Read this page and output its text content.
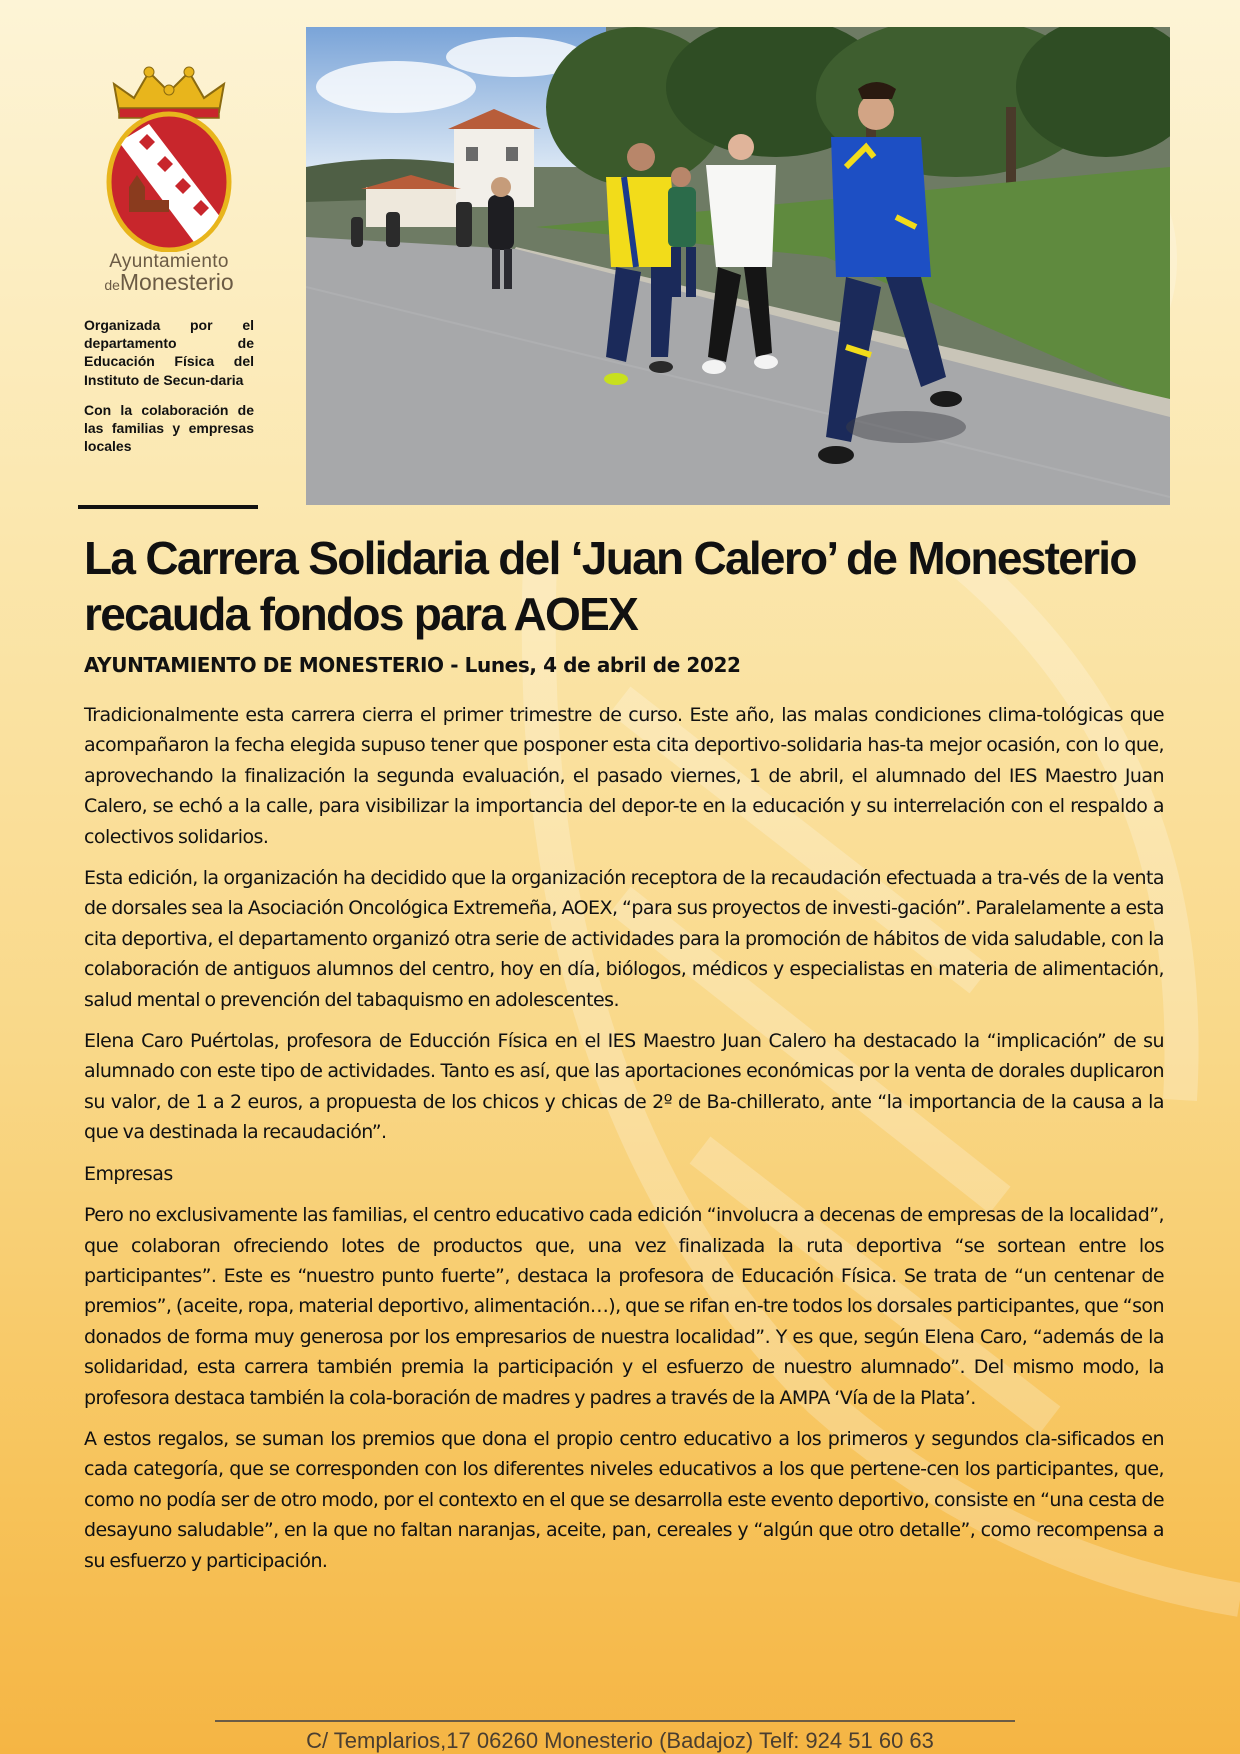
Ayuntamiento
deMonesterio

Organizada por el departamento de Educación Física del Instituto de Secun-daria

Con la colaboración de las familias y empresas locales

La Carrera Solidaria del ‘Juan Calero’ de Monesterio
recauda fondos para AOEX
AYUNTAMIENTO DE MONESTERIO - Lunes, 4 de abril de 2022

Tradicionalmente esta carrera cierra el primer trimestre de curso. Este año, las malas condiciones clima-tológicas que acompañaron la fecha elegida supuso tener que posponer esta cita deportivo-solidaria has-ta mejor ocasión, con lo que, aprovechando la finalización la segunda evaluación, el pasado viernes, 1 de abril, el alumnado del IES Maestro Juan Calero, se echó a la calle, para visibilizar la importancia del depor-te en la educación y su interrelación con el respaldo a colectivos solidarios.

Esta edición, la organización ha decidido que la organización receptora de la recaudación efectuada a tra-vés de la venta de dorsales sea la Asociación Oncológica Extremeña, AOEX, “para sus proyectos de investi-gación”. Paralelamente a esta cita deportiva, el departamento organizó otra serie de actividades para la promoción de hábitos de vida saludable, con la colaboración de antiguos alumnos del centro, hoy en día, biólogos, médicos y especialistas en materia de alimentación, salud mental o prevención del tabaquismo en adolescentes.

Elena Caro Puértolas, profesora de Educción Física en el IES Maestro Juan Calero ha destacado la “implicación” de su alumnado con este tipo de actividades. Tanto es así, que las aportaciones económicas por la venta de dorales duplicaron su valor, de 1 a 2 euros, a propuesta de los chicos y chicas de 2º de Ba-chillerato, ante “la importancia de la causa a la que va destinada la recaudación”.

Empresas

Pero no exclusivamente las familias, el centro educativo cada edición “involucra a decenas de empresas de la localidad”, que colaboran ofreciendo lotes de productos que, una vez finalizada la ruta deportiva “se sortean entre los participantes”. Este es “nuestro punto fuerte”, destaca la profesora de Educación Física. Se trata de “un centenar de premios”, (aceite, ropa, material deportivo, alimentación…), que se rifan en-tre todos los dorsales participantes, que “son donados de forma muy generosa por los empresarios de nuestra localidad”. Y es que, según Elena Caro, “además de la solidaridad, esta carrera también premia la participación y el esfuerzo de nuestro alumnado”. Del mismo modo, la profesora destaca también la cola-boración de madres y padres a través de la AMPA ‘Vía de la Plata’.

A estos regalos, se suman los premios que dona el propio centro educativo a los primeros y segundos cla-sificados en cada categoría, que se corresponden con los diferentes niveles educativos a los que pertene-cen los participantes, que, como no podía ser de otro modo, por el contexto en el que se desarrolla este evento deportivo, consiste en “una cesta de desayuno saludable”, en la que no faltan naranjas, aceite, pan, cereales y “algún que otro detalle”, como recompensa a su esfuerzo y participación.

C/ Templarios,17 06260 Monesterio (Badajoz) Telf: 924 51 60 63
